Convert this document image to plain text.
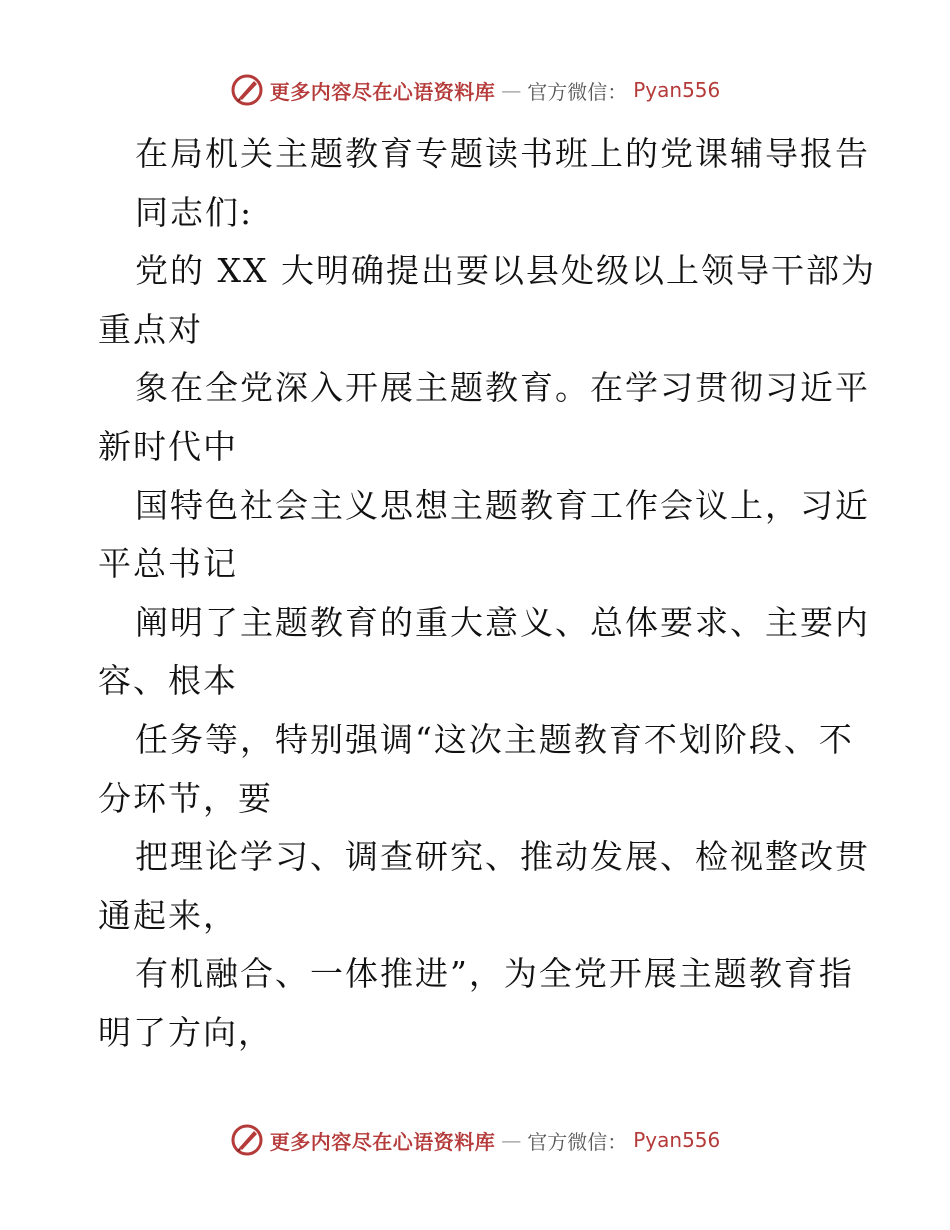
更多内容尽在心语资料库 — 官方微信： Pyan556
在局机关主题教育专题读书班上的党课辅导报告
同志们:
党的 XX 大明确提出要以县处级以上领导干部为
重点对
象在全党深入开展主题教育。在学习贯彻习近平
新时代中
国特色社会主义思想主题教育工作会议上，习近
平总书记
阐明了主题教育的重大意义、总体要求、主要内
容、根本
任务等，特别强调“这次主题教育不划阶段、不
分环节，要
把理论学习、调查研究、推动发展、检视整改贯
通起来，
有机融合、一体推进”，为全党开展主题教育指
明了方向，
更多内容尽在心语资料库 — 官方微信： Pyan556
